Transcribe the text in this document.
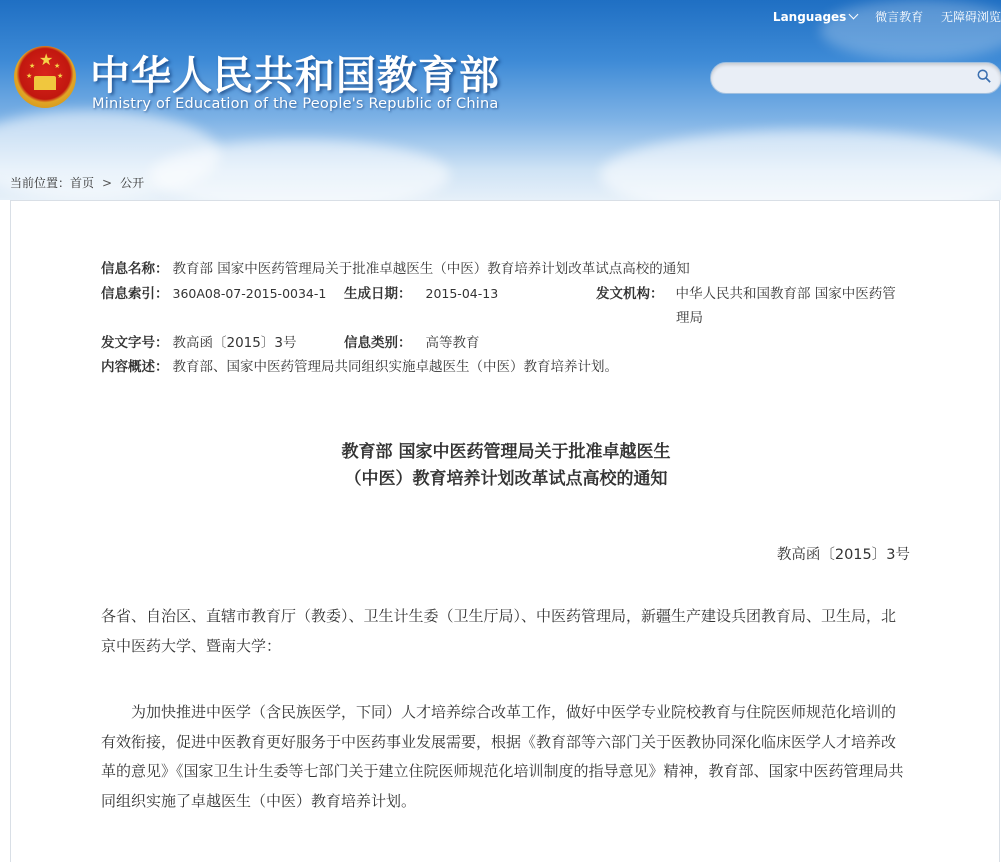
★
★	★
★	★ 中华人民共和国教育部
Ministry of Education of the People's Republic of China
Languages 微言教育 无障碍浏览
当前位置：首页 > 公开
信息名称： 教育部 国家中医药管理局关于批准卓越医生（中医）教育培养计划改革试点高校的通知
信息索引： 360A08-07-2015-0034-1 生成日期： 2015-04-13	发文机构： 中华人民共和国教育部 国家中医药管
理局
发文字号： 教高函〔2015〕3号	信息类别： 高等教育
内容概述： 教育部、国家中医药管理局共同组织实施卓越医生（中医）教育培养计划。
教育部 国家中医药管理局关于批准卓越医生
（中医）教育培养计划改革试点高校的通知
教高函〔2015〕3号
各省、自治区、直辖市教育厅（教委）、卫生计生委（卫生厅局）、中医药管理局，新疆生产建设兵团教育局、卫生局，北京中医药大学、暨南大学：
为加快推进中医学（含民族医学，下同）人才培养综合改革工作，做好中医学专业院校教育与住院医师规范化培训的有效衔接，促进中医教育更好服务于中医药事业发展需要，根据《教育部等六部门关于医教协同深化临床医学人才培养改革的意见》《国家卫生计生委等七部门关于建立住院医师规范化培训制度的指导意见》精神，教育部、国家中医药管理局共同组织实施了卓越医生（中医）教育培养计划。
